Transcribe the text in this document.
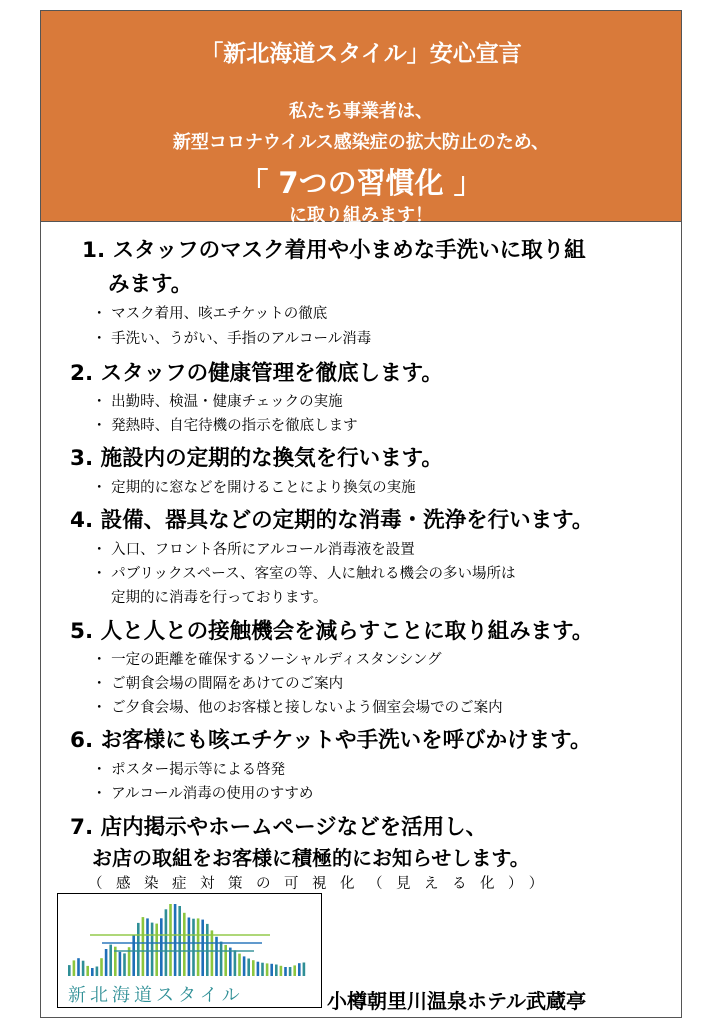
「新北海道スタイル」安心宣言
私たち事業者は、
新型コロナウイルス感染症の拡大防止のため、
「 7つの習慣化 」
に取り組みます！
1. スタッフのマスク着用や小まめな手洗いに取り組
みます。
・ マスク着用、咳エチケットの徹底
・ 手洗い、うがい、手指のアルコール消毒
2. スタッフの健康管理を徹底します。
・ 出勤時、検温・健康チェックの実施
・ 発熱時、自宅待機の指示を徹底します
3. 施設内の定期的な換気を行います。
・ 定期的に窓などを開けることにより換気の実施
4. 設備、器具などの定期的な消毒・洗浄を行います。
・ 入口、フロント各所にアルコール消毒液を設置
・ パブリックスペース、客室の等、人に触れる機会の多い場所は
定期的に消毒を行っております。
5. 人と人との接触機会を減らすことに取り組みます。
・ 一定の距離を確保するソーシャルディスタンシング
・ ご朝食会場の間隔をあけてのご案内
・ ご夕食会場、他のお客様と接しないよう個室会場でのご案内
6. お客様にも咳エチケットや手洗いを呼びかけます。
・ ポスター掲示等による啓発
・ アルコール消毒の使用のすすめ
7. 店内掲示やホームページなどを活用し、
お店の取組をお客様に積極的にお知らせします。
（感染症対策の可視化（見える化））
新北海道スタイル	小樽朝里川温泉ホテル武蔵亭
